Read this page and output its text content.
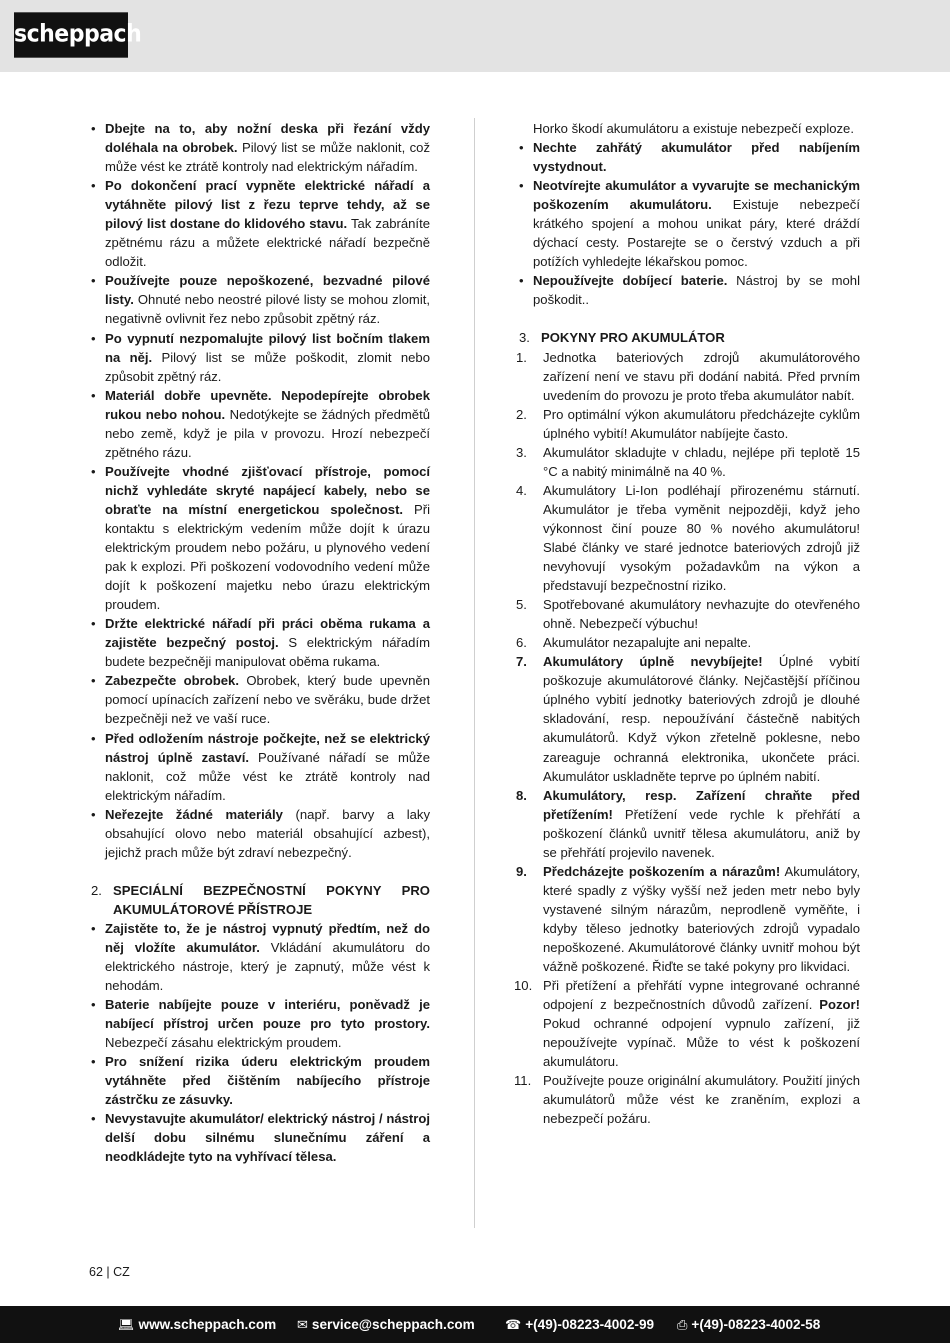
scheppach
• Dbejte na to, aby nožní deska při řezání vždy doléhala na obrobek. Pilový list se může naklonit, což může vést ke ztrátě kontroly nad elektrickým nářadím.
• Po dokončení prací vypněte elektrické nářadí a vytáhněte pilový list z řezu teprve tehdy, až se pilový list dostane do klidového stavu. Tak zabráníte zpětnému rázu a můžete elektrické nářadí bezpečně odložit.
• Používejte pouze nepoškozené, bezvadné pilové listy. Ohnuté nebo neostré pilové listy se mohou zlomit, negativně ovlivnit řez nebo způsobit zpětný ráz.
• Po vypnutí nezpomalujte pilový list bočním tlakem na něj. Pilový list se může poškodit, zlomit nebo způsobit zpětný ráz.
• Materiál dobře upevněte. Nepodepírejte obrobek rukou nebo nohou. Nedotýkejte se žádných předmětů nebo země, když je pila v provozu. Hrozí nebezpečí zpětného rázu.
• Používejte vhodné zjišťovací přístroje, pomocí nichž vyhledáte skryté napájecí kabely, nebo se obraťte na místní energetickou společnost. Při kontaktu s elektrickým vedením může dojít k úrazu elektrickým proudem nebo požáru, u plynového vedení pak k explozi. Při poškození vodovodního vedení může dojít k poškození majetku nebo úrazu elektrickým proudem.
• Držte elektrické nářadí při práci oběma rukama a zajistěte bezpečný postoj. S elektrickým nářadím budete bezpečněji manipulovat oběma rukama.
• Zabezpečte obrobek. Obrobek, který bude upevněn pomocí upínacích zařízení nebo ve svěráku, bude držet bezpečněji než ve vaší ruce.
• Před odložením nástroje počkejte, než se elektrický nástroj úplně zastaví. Používané nářadí se může naklonit, což může vést ke ztrátě kontroly nad elektrickým nářadím.
• Neřezejte žádné materiály (např. barvy a laky obsahující olovo nebo materiál obsahující azbest), jejichž prach může být zdraví nebezpečný.
2. SPECIÁLNÍ BEZPEČNOSTNÍ POKYNY PRO AKUMULÁTOROVÉ PŘÍSTROJE
• Zajistěte to, že je nástroj vypnutý předtím, než do něj vložíte akumulátor. Vkládání akumulátoru do elektrického nástroje, který je zapnutý, může vést k nehodám.
• Baterie nabíjejte pouze v interiéru, poněvadž je nabíjecí přístroj určen pouze pro tyto prostory. Nebezpečí zásahu elektrickým proudem.
• Pro snížení rizika úderu elektrickým proudem vytáhněte před čištěním nabíjecího přístroje zástrčku ze zásuvky.
• Nevystavujte akumulátor/ elektrický nástroj / nástroj delší dobu silnému slunečnímu záření a neodkládejte tyto na vyhřívací tělesa.
Horko škodí akumulátoru a existuje nebezpečí exploze.
• Nechte zahřátý akumulátor před nabíjením vystydnout.
• Neotvírejte akumulátor a vyvarujte se mechanickým poškozením akumulátoru. Existuje nebezpečí krátkého spojení a mohou unikat páry, které dráždí dýchací cesty. Postarejte se o čerstvý vzduch a při potížích vyhledejte lékařskou pomoc.
• Nepoužívejte dobíjecí baterie. Nástroj by se mohl poškodit..
3. POKYNY PRO AKUMULÁTOR
1.	Jednotka bateriových zdrojů akumulátorového zařízení není ve stavu při dodání nabitá. Před prvním uvedením do provozu je proto třeba akumulátor nabít.
2.	Pro optimální výkon akumulátoru předcházejte cyklům úplného vybití! Akumulátor nabíjejte často.
3.	Akumulátor skladujte v chladu, nejlépe při teplotě 15 °C a nabitý minimálně na 40 %.
4.	Akumulátory Li-Ion podléhají přirozenému stárnutí. Akumulátor je třeba vyměnit nejpozději, když jeho výkonnost činí pouze 80 % nového akumulátoru! Slabé články ve staré jednotce bateriových zdrojů již nevyhovují vysokým požadavkům na výkon a představují bezpečnostní riziko.
5.	Spotřebované akumulátory nevhazujte do otevřeného ohně. Nebezpečí výbuchu!
6.	Akumulátor nezapalujte ani nepalte.
7.	Akumulátory úplně nevybíjejte! Úplné vybití poškozuje akumulátorové články. Nejčastější příčinou úplného vybití jednotky bateriových zdrojů je dlouhé skladování, resp. nepoužívání částečně nabitých akumulátorů. Když výkon zřetelně poklesne, nebo zareaguje ochranná elektronika, ukončete práci. Akumulátor uskladněte teprve po úplném nabití.
8.	Akumulátory, resp. Zařízení chraňte před přetížením! Přetížení vede rychle k přehřátí a poškození článků uvnitř tělesa akumulátoru, aniž by se přehřátí projevilo navenek.
9.	Předcházejte poškozením a nárazům! Akumulátory, které spadly z výšky vyšší než jeden metr nebo byly vystavené silným nárazům, neprodleně vyměňte, i kdyby těleso jednotky bateriových zdrojů vypadalo nepoškozené. Akumulátorové články uvnitř mohou být vážně poškozené. Řiďte se také pokyny pro likvidaci.
10. Při přetížení a přehřátí vypne integrované ochranné odpojení z bezpečnostních důvodů zařízení. Pozor! Pokud ochranné odpojení vypnulo zařízení, již nepoužívejte vypínač. Může to vést k poškození akumulátoru.
11. Používejte pouze originální akumulátory. Použití jiných akumulátorů může vést ke zraněním, explozi a nebezpečí požáru.
62 | CZ
💻︎ www.scheppach.com ✉︎ service@scheppach.com ☎︎ +(49)-08223-4002-99 ⎙︎ +(49)-08223-4002-58
